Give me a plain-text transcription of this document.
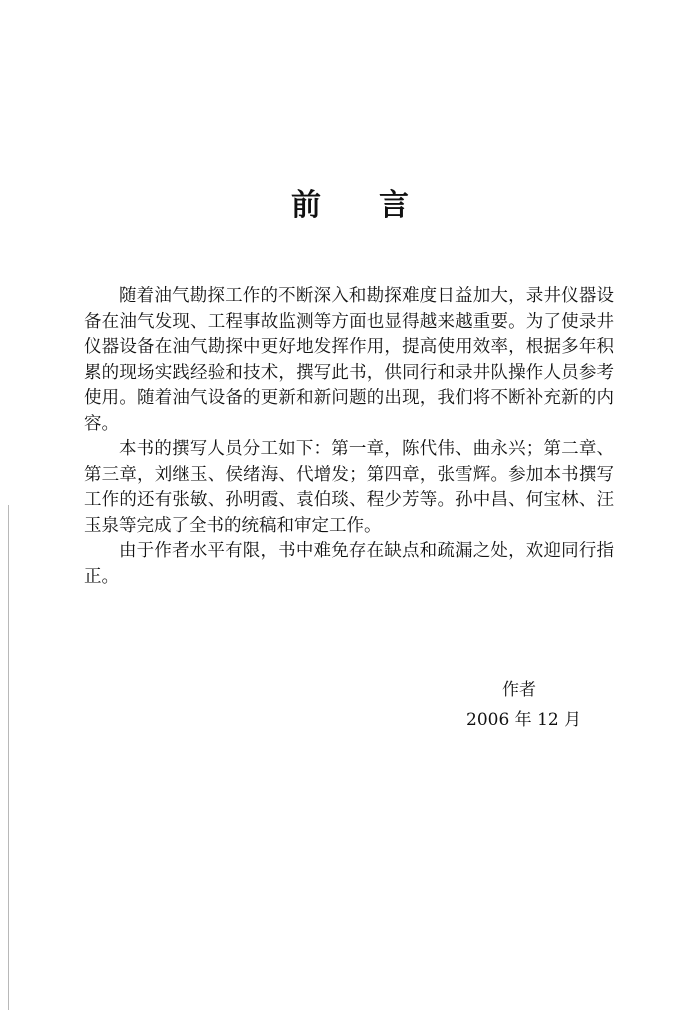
前 言

随着油气勘探工作的不断深入和勘探难度日益加大，录井仪器设备在油气发现、工程事故监测等方面也显得越来越重要。为了使录井仪器设备在油气勘探中更好地发挥作用，提高使用效率，根据多年积累的现场实践经验和技术，撰写此书，供同行和录井队操作人员参考使用。随着油气设备的更新和新问题的出现，我们将不断补充新的内容。

本书的撰写人员分工如下：第一章，陈代伟、曲永兴；第二章、第三章，刘继玉、侯绪海、代增发；第四章，张雪辉。参加本书撰写工作的还有张敏、孙明霞、袁伯琰、程少芳等。孙中昌、何宝林、汪玉泉等完成了全书的统稿和审定工作。

由于作者水平有限，书中难免存在缺点和疏漏之处，欢迎同行指正。

作者
2006 年 12 月
